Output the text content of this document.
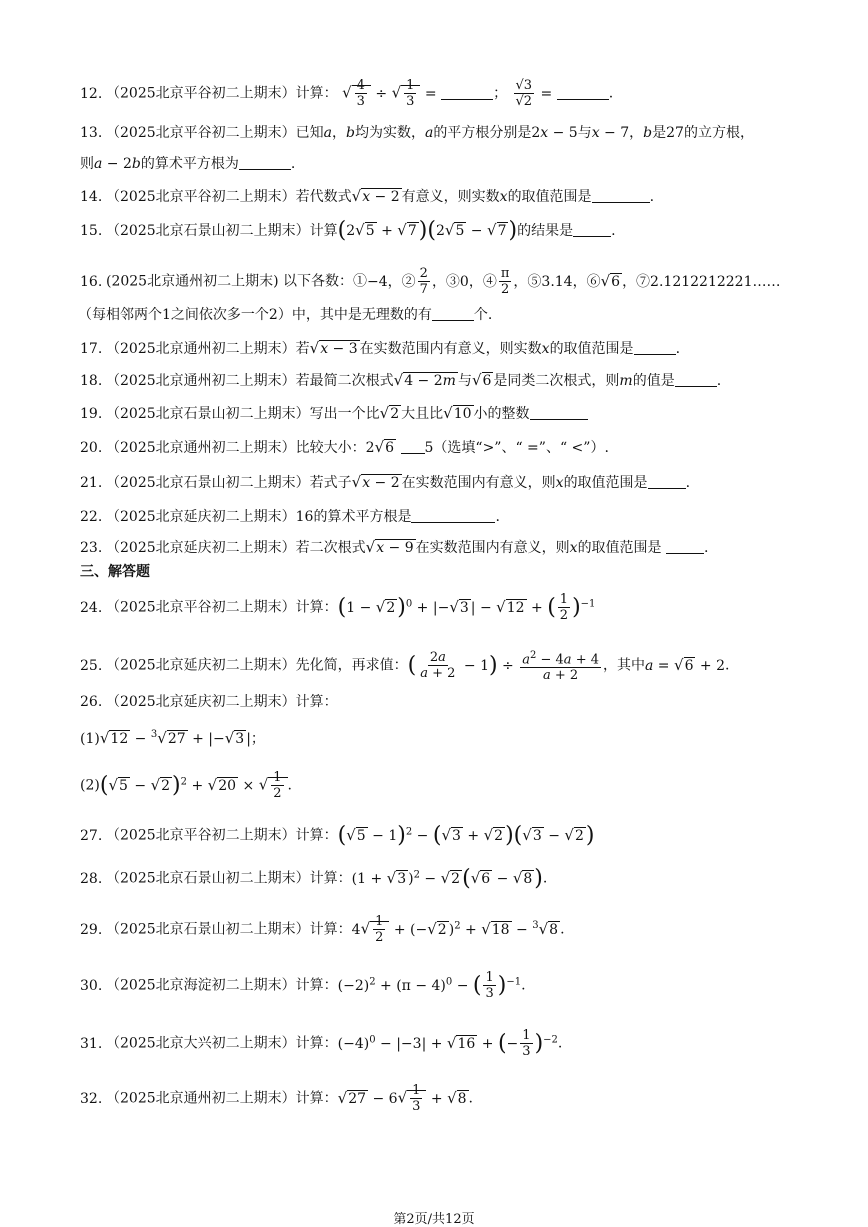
12. （2025北京平谷初二上期末）计算： √ $\frac{4}{3}$ ÷ √ $\frac{1}{3}$ =	； $\frac{√3}{√2}$ =	.
13. （2025北京平谷初二上期末）已知a，b均为实数，a的平方根分别是2x − 5与x − 7，b是27的立方根，
则a − 2b的算术平方根为	.
14. （2025北京平谷初二上期末）若代数式√x − 2 有意义，则实数x的取值范围是	.
15. （2025北京石景山初二上期末）计算(2√5 + √7)(2√5 − √7)的结果是	.
16. (2025北京通州初二上期末) 以下各数：①−4，② $\frac{2}{7}$ ，③0，④ $\frac{\pi}{2}$ ，⑤3.14，⑥√6 ，⑦2.1212212221……
（每相邻两个1之间依次多一个2）中，其中是无理数的有	个.
17. （2025北京通州初二上期末）若√x − 3 在实数范围内有意义，则实数x的取值范围是	.
18. （2025北京通州初二上期末）若最简二次根式√4 − 2m 与√6 是同类二次根式，则m的值是	.
19. （2025北京石景山初二上期末）写出一个比√2 大且比√10 小的整数
20. （2025北京通州初二上期末）比较大小：2√6 5（选填“>”、“ =”、“ <”）.
21. （2025北京石景山初二上期末）若式子√x − 2 在实数范围内有意义，则x的取值范围是	.
22. （2025北京延庆初二上期末）16的算术平方根是	.
23. （2025北京延庆初二上期末）若二次根式√x − 9 在实数范围内有意义，则x的取值范围是	.
三、解答题
24. （2025北京平谷初二上期末）计算：$(1 - √2)^0 + |-√3$ | − √12 + ( $\frac{1}{2} )^{-1}$
25. （2025北京延庆初二上期末）先化简，再求值：( $\frac{2a}{a + 2} - 1) \div \frac{a^2 - 4a + 4}{a + 2}$ ，其中a = √6 + 2.
26. （2025北京延庆初二上期末）计算：
(1)√12 − $^3$√27 + |−√3 |；
$(2)(√5 - √2)^2 + √20$ × √ $\frac{1}{2}$ .
27. （2025北京平谷初二上期末）计算：$(√5 - 1)^2 - (√3 + √2)(√3 - √2)$
28. （2025北京石景山初二上期末）计算：(1 + √3 )$^2$ − √2(√6 − √8).
29. （2025北京石景山初二上期末）计算：$4√ \frac{1}{2} + (-√2$ )$^2$ + √18 − $^3$√8 .
30. （2025北京海淀初二上期末）计算：$(-2)^2 + (\pi - 4)^0$ − ( $\frac{1}{3} )^{-1}$.
31. （2025北京大兴初二上期末）计算：$(-4)^0 - |-3| + √16$ + (− $\frac{1}{3} )^{-2}$.
32. （2025北京通州初二上期末）计算：$√27 - 6√ \frac{1}{3} + √8$ .
第2页/共12页
